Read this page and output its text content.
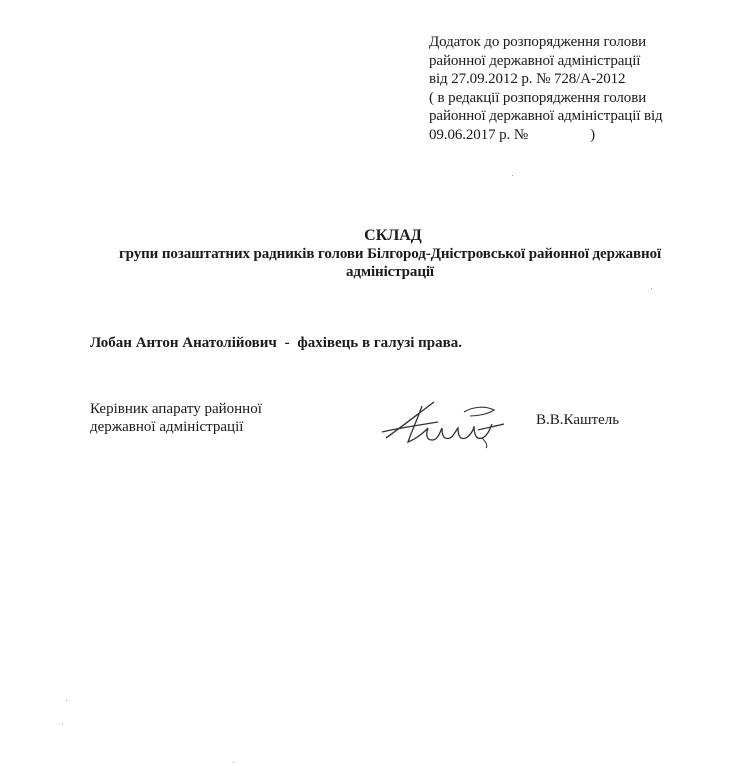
Додаток до розпорядження голови
районної державної адміністрації
від 27.09.2012 р. № 728/А-2012
( в редакції розпорядження голови
районної державної адміністрації від
09.06.2017 р. №	)
СКЛАД
групи позаштатних радників голови Білгород-Дністровської районної державної
адміністрації
Лобан Антон Анатолійович - фахівець в галузі права.
Керівник апарату районної
державної адміністрації	В.В.Каштель
